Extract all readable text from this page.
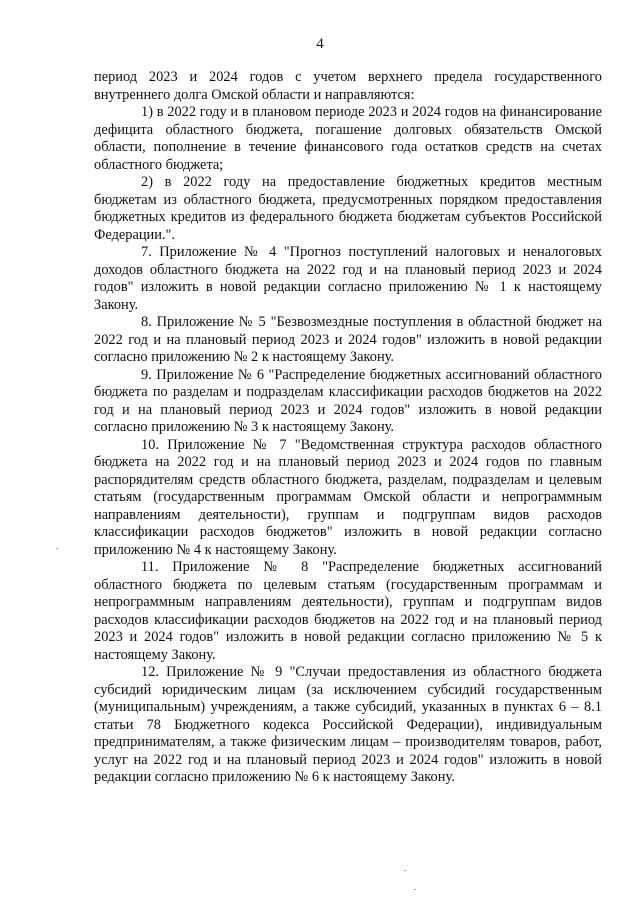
4

период 2023 и 2024 годов с учетом верхнего предела государственного внутреннего долга Омской области и направляются:

1) в 2022 году и в плановом периоде 2023 и 2024 годов на финансирование дефицита областного бюджета, погашение долговых обязательств Омской области, пополнение в течение финансового года остатков средств на счетах областного бюджета;

2) в 2022 году на предоставление бюджетных кредитов местным бюджетам из областного бюджета, предусмотренных порядком предоставления бюджетных кредитов из федерального бюджета бюджетам субъектов Российской Федерации.".

7. Приложение № 4 "Прогноз поступлений налоговых и неналоговых доходов областного бюджета на 2022 год и на плановый период 2023 и 2024 годов" изложить в новой редакции согласно приложению № 1 к настоящему Закону.

8. Приложение № 5 "Безвозмездные поступления в областной бюджет на 2022 год и на плановый период 2023 и 2024 годов" изложить в новой редакции согласно приложению № 2 к настоящему Закону.

9. Приложение № 6 "Распределение бюджетных ассигнований областного бюджета по разделам и подразделам классификации расходов бюджетов на 2022 год и на плановый период 2023 и 2024 годов" изложить в новой редакции согласно приложению № 3 к настоящему Закону.

10. Приложение № 7 "Ведомственная структура расходов областного бюджета на 2022 год и на плановый период 2023 и 2024 годов по главным распорядителям средств областного бюджета, разделам, подразделам и целевым статьям (государственным программам Омской области и непрограммным направлениям деятельности), группам и подгруппам видов расходов классификации расходов бюджетов" изложить в новой редакции согласно приложению № 4 к настоящему Закону.

11. Приложение № 8 "Распределение бюджетных ассигнований областного бюджета по целевым статьям (государственным программам и непрограммным направлениям деятельности), группам и подгруппам видов расходов классификации расходов бюджетов на 2022 год и на плановый период 2023 и 2024 годов" изложить в новой редакции согласно приложению № 5 к настоящему Закону.

12. Приложение № 9 "Случаи предоставления из областного бюджета субсидий юридическим лицам (за исключением субсидий государственным (муниципальным) учреждениям, а также субсидий, указанных в пунктах 6 – 8.1 статьи 78 Бюджетного кодекса Российской Федерации), индивидуальным предпринимателям, а также физическим лицам – производителям товаров, работ, услуг на 2022 год и на плановый период 2023 и 2024 годов" изложить в новой редакции согласно приложению № 6 к настоящему Закону.
